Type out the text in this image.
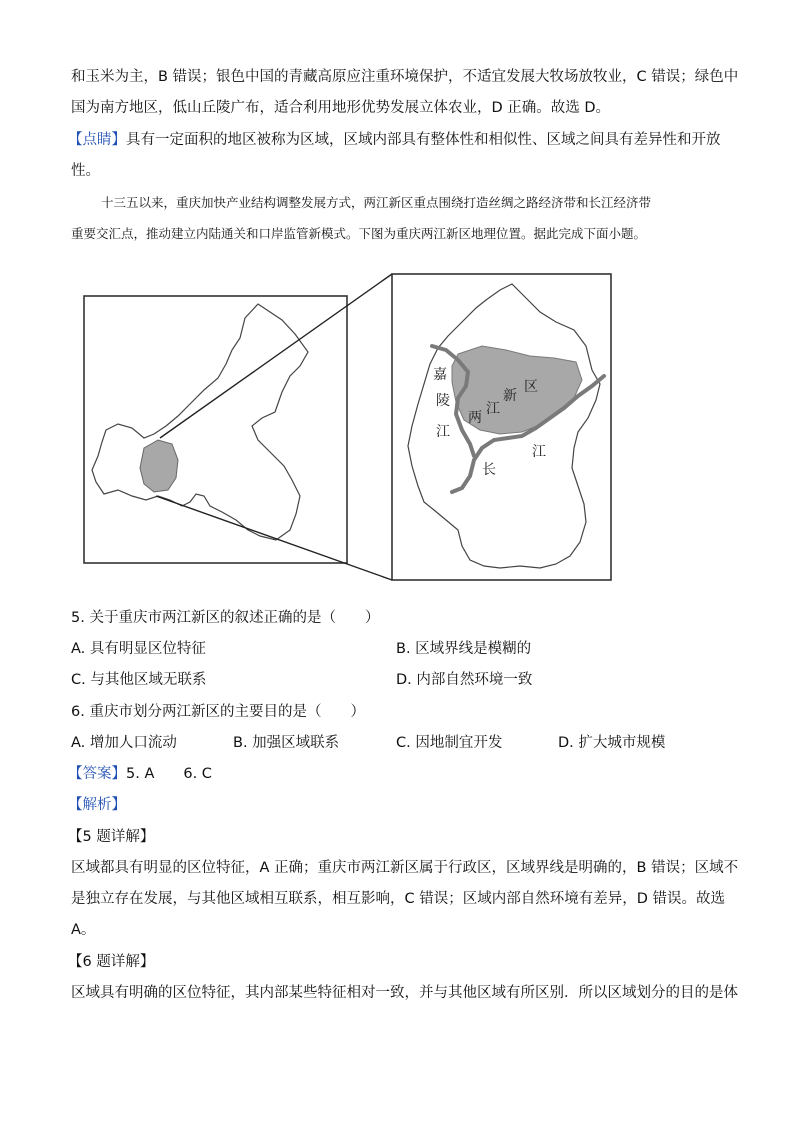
和玉米为主，B 错误；银色中国的青藏高原应注重环境保护，不适宜发展大牧场放牧业，C 错误；绿色中
国为南方地区，低山丘陵广布，适合利用地形优势发展立体农业，D 正确。故选 D。
【点睛】具有一定面积的地区被称为区域，区域内部具有整体性和相似性、区域之间具有差异性和开放
性。
十三五以来，重庆加快产业结构调整发展方式，两江新区重点围绕打造丝绸之路经济带和长江经济带
重要交汇点，推动建立内陆通关和口岸监管新模式。下图为重庆两江新区地理位置。据此完成下面小题。
嘉
陵
江
两
江
新
区
长
江
5. 关于重庆市两江新区的叙述正确的是（　　）
A. 具有明显区位特征	B. 区域界线是模糊的
C. 与其他区域无联系	D. 内部自然环境一致
6. 重庆市划分两江新区的主要目的是（　　）
A. 增加人口流动	B. 加强区域联系	C. 因地制宜开发	D. 扩大城市规模
【答案】5. A　　6. C
【解析】
【5 题详解】
区域都具有明显的区位特征，A 正确；重庆市两江新区属于行政区，区域界线是明确的，B 错误；区域不
是独立存在发展，与其他区域相互联系，相互影响，C 错误；区域内部自然环境有差异，D 错误。故选
A。
【6 题详解】
区域具有明确的区位特征，其内部某些特征相对一致，并与其他区域有所区别．所以区域划分的目的是体
